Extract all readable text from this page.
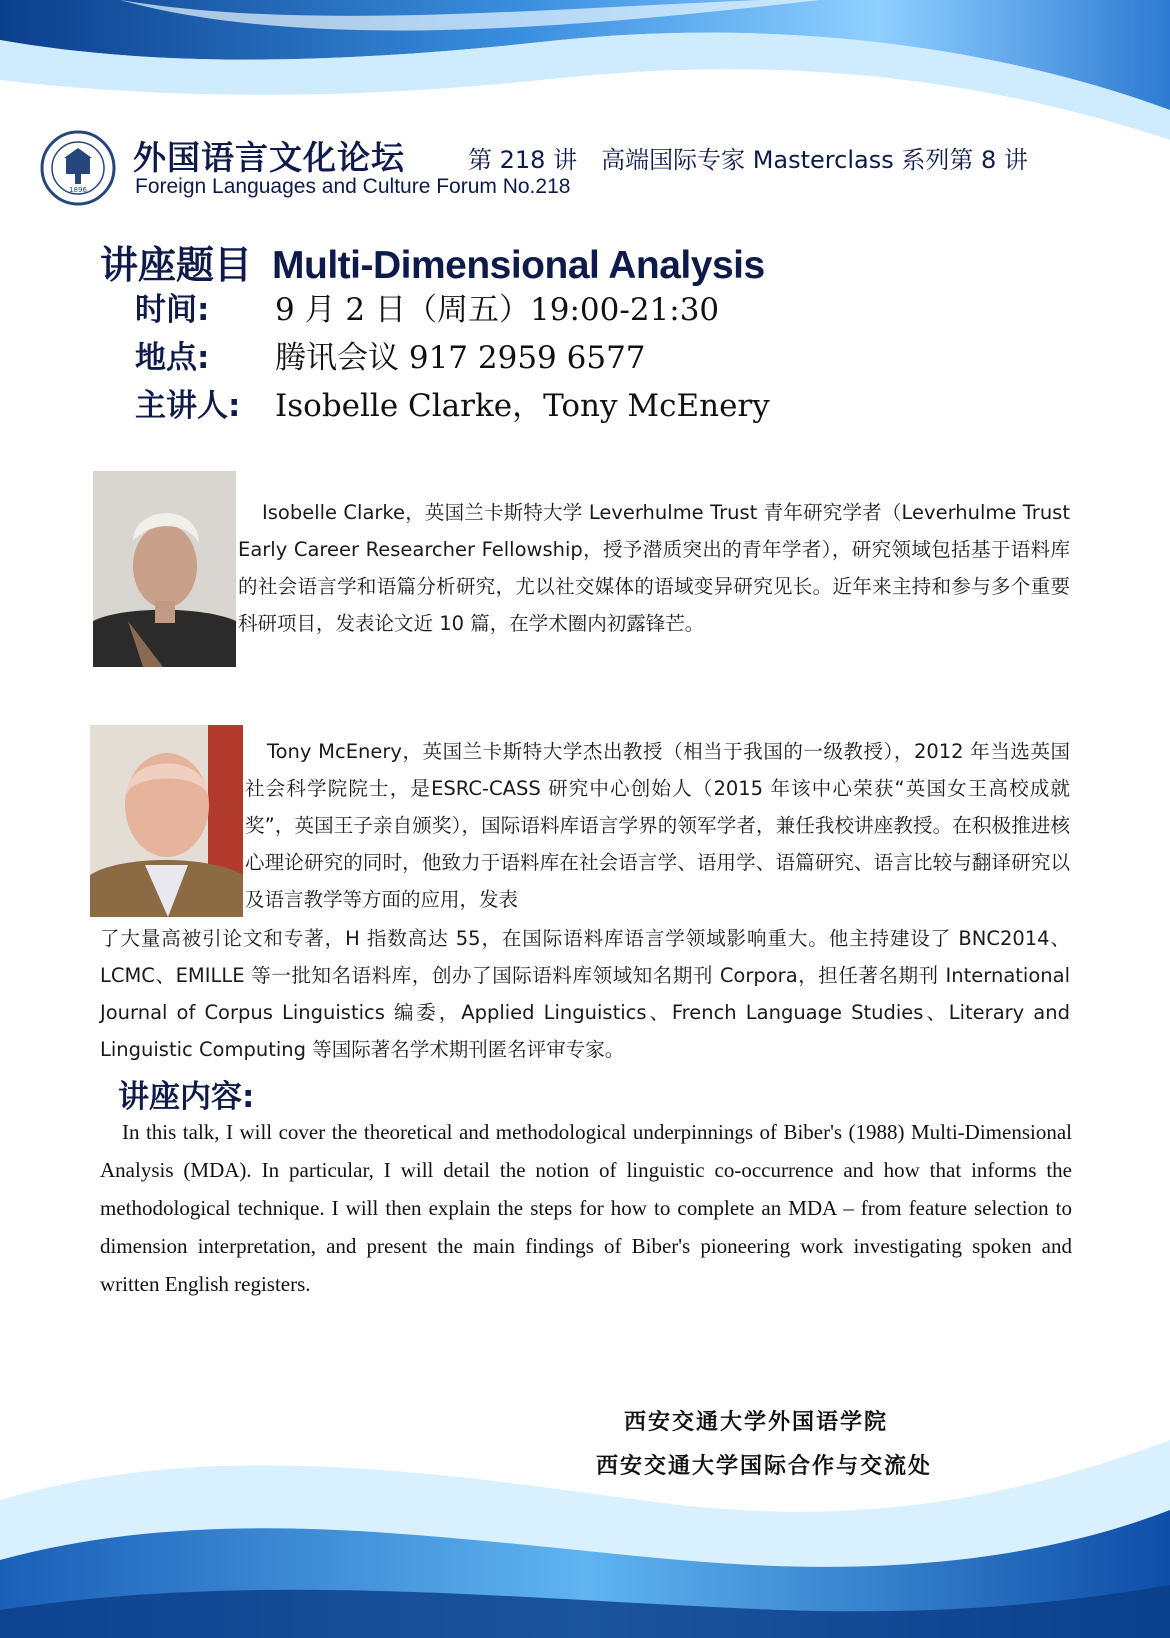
1896
外国语言文化论坛	第 218 讲　高端国际专家 Masterclass 系列第 8 讲
Foreign Languages and Culture Forum No.218
讲座题目 Multi-Dimensional Analysis
时间: 9 月 2 日（周五）19:00-21:30
地点: 腾讯会议 917 2959 6577
主讲人: Isobelle Clarke，Tony McEnery

Isobelle Clarke，英国兰卡斯特大学 Leverhulme Trust 青年研究学者（Leverhulme Trust Early Career Researcher Fellowship，授予潜质突出的青年学者），研究领域包括基于语料库的社会语言学和语篇分析研究，尤以社交媒体的语域变异研究见长。近年来主持和参与多个重要科研项目，发表论文近 10 篇，在学术圈内初露锋芒。

Tony McEnery，英国兰卡斯特大学杰出教授（相当于我国的一级教授），2012 年当选英国社会科学院院士，是ESRC-CASS 研究中心创始人（2015 年该中心荣获“英国女王高校成就奖”，英国王子亲自颁奖），国际语料库语言学界的领军学者，兼任我校讲座教授。在积极推进核心理论研究的同时，他致力于语料库在社会语言学、语用学、语篇研究、语言比较与翻译研究以及语言教学等方面的应用，发表

了大量高被引论文和专著，H 指数高达 55，在国际语料库语言学领域影响重大。他主持建设了 BNC2014、LCMC、EMILLE 等一批知名语料库，创办了国际语料库领域知名期刊 Corpora，担任著名期刊 International Journal of Corpus Linguistics 编委，Applied Linguistics、French Language Studies、Literary and Linguistic Computing 等国际著名学术期刊匿名评审专家。

讲座内容:

In this talk, I will cover the theoretical and methodological underpinnings of Biber's (1988) Multi-Dimensional Analysis (MDA). In particular, I will detail the notion of linguistic co-occurrence and how that informs the methodological technique. I will then explain the steps for how to complete an MDA – from feature selection to dimension interpretation, and present the main findings of Biber's pioneering work investigating spoken and written English registers.

西安交通大学外国语学院
西安交通大学国际合作与交流处
